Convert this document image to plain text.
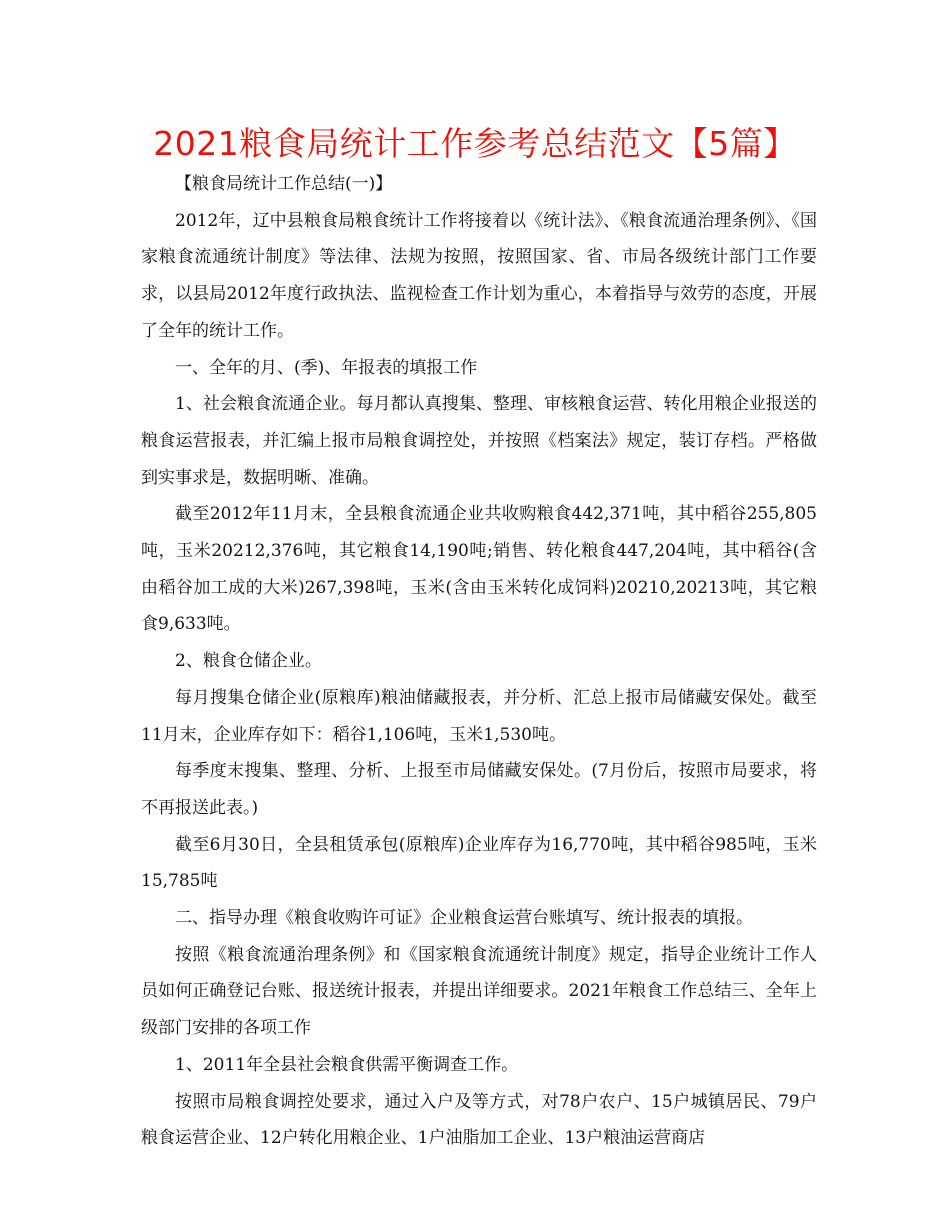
2021粮食局统计工作参考总结范文【5篇】

【粮食局统计工作总结(一)】

2012年，辽中县粮食局粮食统计工作将接着以《统计法》、《粮食流通治理条例》、《国家粮食流通统计制度》等法律、法规为按照，按照国家、省、市局各级统计部门工作要求，以县局2012年度行政执法、监视检查工作计划为重心，本着指导与效劳的态度，开展了全年的统计工作。

一、全年的月、(季)、年报表的填报工作

1、社会粮食流通企业。每月都认真搜集、整理、审核粮食运营、转化用粮企业报送的粮食运营报表，并汇编上报市局粮食调控处，并按照《档案法》规定，装订存档。严格做到实事求是，数据明晰、准确。

截至2012年11月末，全县粮食流通企业共收购粮食442,371吨，其中稻谷255,805吨，玉米20212,376吨，其它粮食14,190吨;销售、转化粮食447,204吨，其中稻谷(含由稻谷加工成的大米)267,398吨，玉米(含由玉米转化成饲料)20210,20213吨，其它粮食9,633吨。

2、粮食仓储企业。

每月搜集仓储企业(原粮库)粮油储藏报表，并分析、汇总上报市局储藏安保处。截至11月末，企业库存如下：稻谷1,106吨，玉米1,530吨。

每季度末搜集、整理、分析、上报至市局储藏安保处。(7月份后，按照市局要求，将不再报送此表。)

截至6月30日，全县租赁承包(原粮库)企业库存为16,770吨，其中稻谷985吨，玉米15,785吨

二、指导办理《粮食收购许可证》企业粮食运营台账填写、统计报表的填报。

按照《粮食流通治理条例》和《国家粮食流通统计制度》规定，指导企业统计工作人员如何正确登记台账、报送统计报表，并提出详细要求。2021年粮食工作总结三、全年上级部门安排的各项工作

1、2011年全县社会粮食供需平衡调查工作。

按照市局粮食调控处要求，通过入户及等方式，对78户农户、15户城镇居民、79户粮食运营企业、12户转化用粮企业、1户油脂加工企业、13户粮油运营商店
